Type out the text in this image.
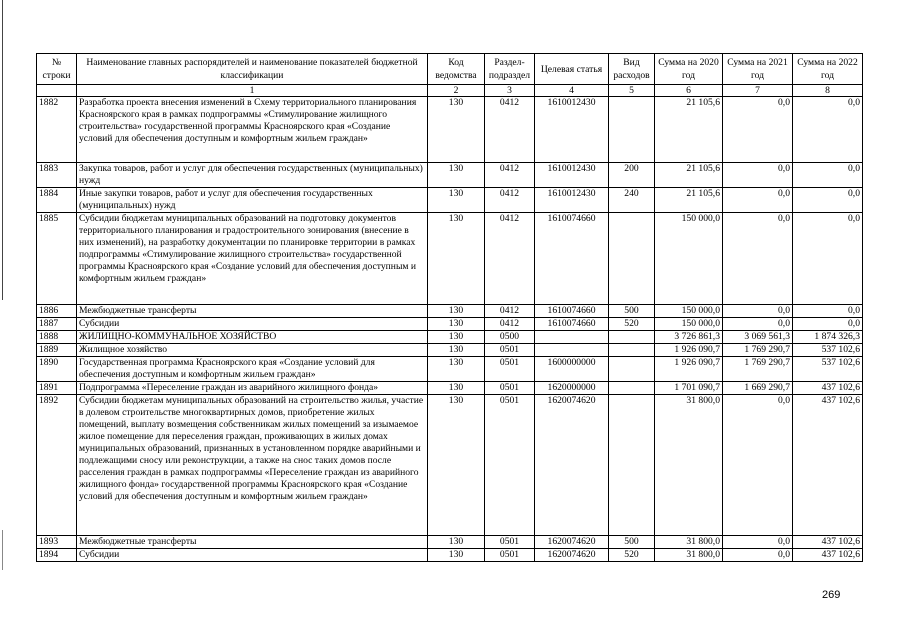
№ строки	Наименование главных распорядителей и наименование показателей бюджетной классификации	Код ведомства	Раздел-подраздел	Целевая статья	Вид расходов	Сумма на 2020 год	Сумма на 2021 год	Сумма на 2022 год
	1	2	3	4	5	6	7	8
1882	Разработка проекта внесения изменений в Схему территориального планирования Красноярского края в рамках подпрограммы «Стимулирование жилищного строительства» государственной программы Красноярского края «Создание условий для обеспечения доступным и комфортным жильем граждан»	130	0412	1610012430		21 105,6	0,0	0,0
1883	Закупка товаров, работ и услуг для обеспечения государственных (муниципальных) нужд	130	0412	1610012430	200	21 105,6	0,0	0,0
1884	Иные закупки товаров, работ и услуг для обеспечения государственных (муниципальных) нужд	130	0412	1610012430	240	21 105,6	0,0	0,0
1885	Субсидии бюджетам муниципальных образований на подготовку документов территориального планирования и градостроительного зонирования (внесение в них изменений), на разработку документации по планировке территории в рамках подпрограммы «Стимулирование жилищного строительства» государственной программы Красноярского края «Создание условий для обеспечения доступным и комфортным жильем граждан»	130	0412	1610074660		150 000,0	0,0	0,0
1886	Межбюджетные трансферты	130	0412	1610074660	500	150 000,0	0,0	0,0
1887	Субсидии	130	0412	1610074660	520	150 000,0	0,0	0,0
1888	ЖИЛИЩНО-КОММУНАЛЬНОЕ ХОЗЯЙСТВО	130	0500			3 726 861,3	3 069 561,3	1 874 326,3
1889	Жилищное хозяйство	130	0501			1 926 090,7	1 769 290,7	537 102,6
1890	Государственная программа Красноярского края «Создание условий для обеспечения доступным и комфортным жильем граждан»	130	0501	1600000000		1 926 090,7	1 769 290,7	537 102,6
1891	Подпрограмма «Переселение граждан из аварийного жилищного фонда»	130	0501	1620000000		1 701 090,7	1 669 290,7	437 102,6
1892	Субсидии бюджетам муниципальных образований на строительство жилья, участие в долевом строительстве многоквартирных домов, приобретение жилых помещений, выплату возмещения собственникам жилых помещений за изымаемое жилое помещение для переселения граждан, проживающих в жилых домах муниципальных образований, признанных в установленном порядке аварийными и подлежащими сносу или реконструкции, а также на снос таких домов после расселения граждан в рамках подпрограммы «Переселение граждан из аварийного жилищного фонда» государственной программы Красноярского края «Создание условий для обеспечения доступным и комфортным жильем граждан»	130	0501	1620074620		31 800,0	0,0	437 102,6
1893	Межбюджетные трансферты	130	0501	1620074620	500	31 800,0	0,0	437 102,6
1894	Субсидии	130	0501	1620074620	520	31 800,0	0,0	437 102,6
269
